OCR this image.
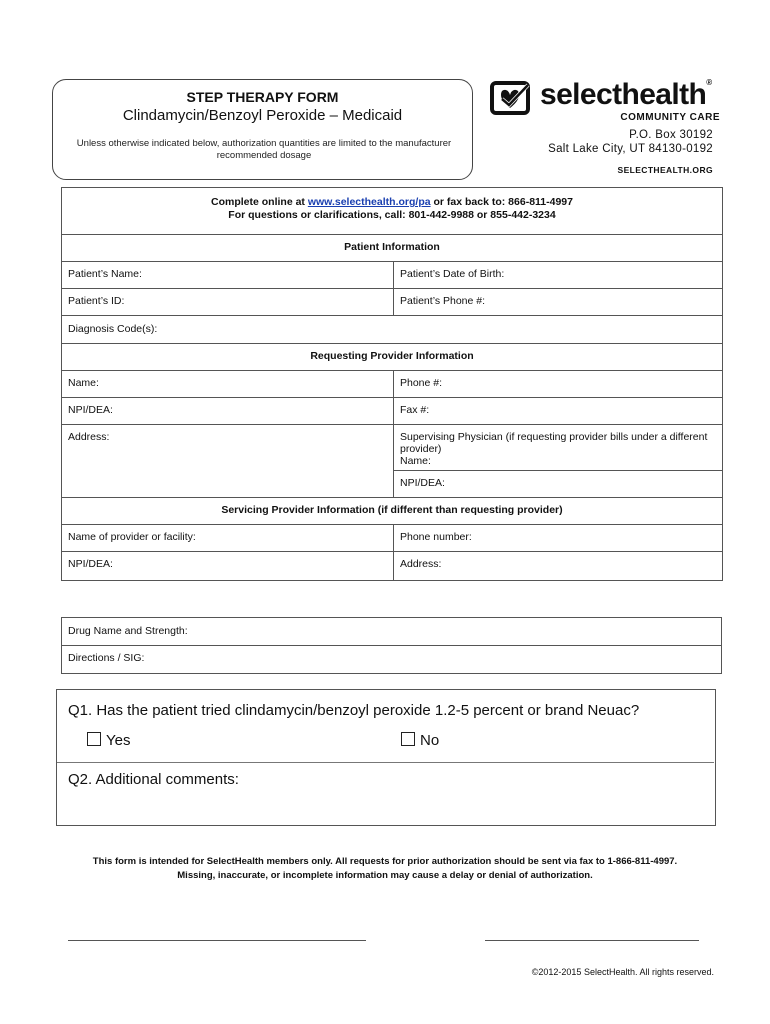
STEP THERAPY FORM
Clindamycin/Benzoyl Peroxide – Medicaid
Unless otherwise indicated below, authorization quantities are limited to the manufacturer recommended dosage
selecthealth®
COMMUNITY CARE
P.O. Box 30192
Salt Lake City, UT 84130-0192
SELECTHEALTH.ORG
Complete online at www.selecthealth.org/pa or fax back to: 866-811-4997
For questions or clarifications, call: 801-442-9988 or 855-442-3234	
Patient Information	
Patient’s Name:	Patient’s Date of Birth:
Patient’s ID:	Patient’s Phone #:
Diagnosis Code(s):	
Requesting Provider Information	
Name:	Phone #:
NPI/DEA:	Fax #:
Address:	Supervising Physician (if requesting provider bills under a different provider)
Name:
	NPI/DEA:

Servicing Provider Information (if different than requesting provider)	
Name of provider or facility:	Phone number:
NPI/DEA:	Address:
Drug Name and Strength:
Directions / SIG:
Q1. Has the patient tried clindamycin/benzoyl peroxide 1.2-5 percent or brand Neuac?
Yes	No
Q2. Additional comments:
This form is intended for SelectHealth members only. All requests for prior authorization should be sent via fax to 1-866-811-4997.
Missing, inaccurate, or incomplete information may cause a delay or denial of authorization.
©2012-2015 SelectHealth. All rights reserved.
